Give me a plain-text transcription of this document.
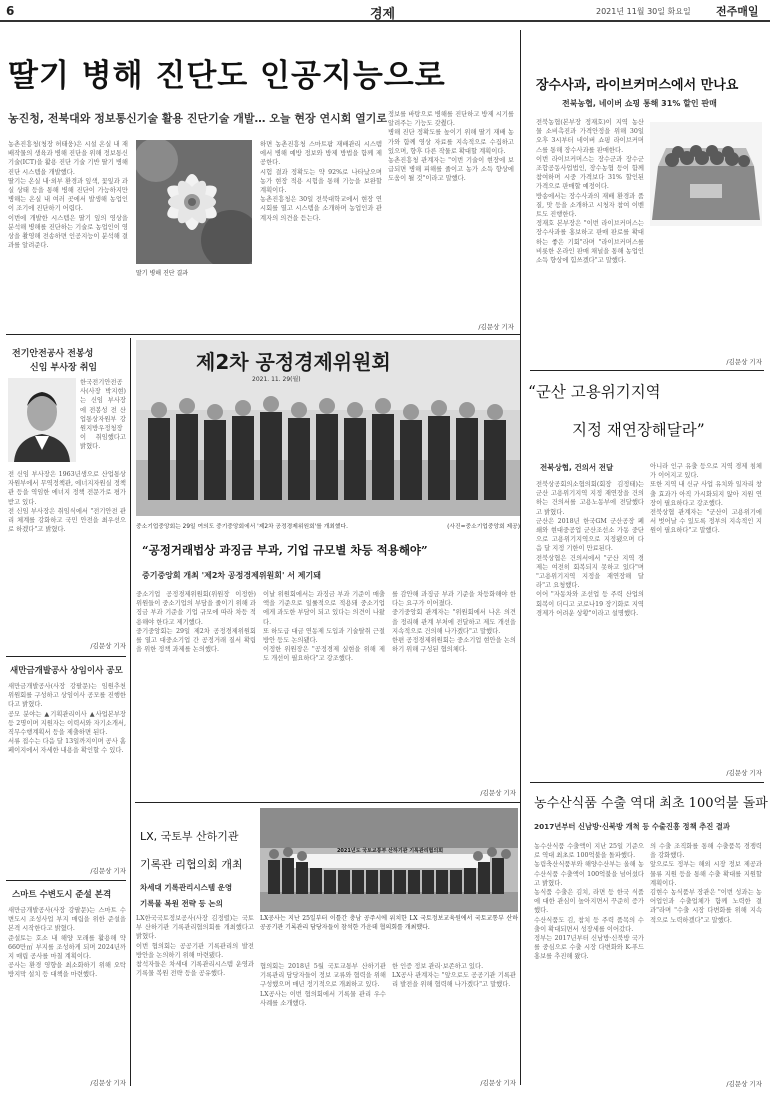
6	경제	2021년 11월 30일 화요일 전주매일
딸기 병해 진단도 인공지능으로
농진청, 전북대와 정보통신기술 활용 진단기술 개발… 오늘 현장 연시회 열기로
농촌진흥청(청장 허태웅)은 시설 온실 내 재배작물의 생육과 병해 진단을 위해 정보통신 기술(ICT)을 활용 진단 기술 기반 딸기 병해 진단 시스템을 개발했다.
딸기는 온실 내·외부 환경과 잎색, 꽃잎과 과실 상태 등을 통해 병해 진단이 가능하지만 병해는 온실 내 여러 곳에서 발생해 농업인이 조기에 진단하기 어렵다.
이번에 개발한 시스템은 딸기 잎의 영상을 분석해 병해를 진단하는 기술로 농업인이 영상을 촬영해 전송하면 인공지능이 분석해 결과를 알려준다.
딸기 병해 진단 결과
하면 농촌진흥청 스마트팜 재배관리 시스템에서 병해 예방 정보와 방제 방법을 함께 제공한다.
시험 결과 정확도는 약 92%로 나타났으며 농가 현장 적용 시험을 통해 기능을 보완할 계획이다.
농촌진흥청은 30일 전북대학교에서 현장 연시회를 열고 시스템을 소개하며 농업인과 관계자의 의견을 듣는다.
정보를 바탕으로 병해를 진단하고 방제 시기를 알려주는 기능도 갖췄다.
병해 진단 정확도를 높이기 위해 딸기 재배 농가와 함께 영상 자료를 지속적으로 수집하고 있으며, 향후 다른 작물로 확대할 계획이다.
농촌진흥청 관계자는 "이번 기술이 현장에 보급되면 병해 피해를 줄이고 농가 소득 향상에 도움이 될 것"이라고 말했다.
/김문상 기자
장수사과, 라이브커머스에서 만나요
전북농협, 네이버 쇼핑 통해 31% 할인 판매
전북농협(본부장 정재호)이 지역 농산물 소비촉진과 가격안정을 위해 30일 오후 3시부터 네이버 쇼핑 라이브커머스를 통해 장수사과를 판매한다.
이번 라이브커머스는 장수군과 장수군조합공동사업법인, 장수농협 등이 함께 참여하며 시중 가격보다 31% 할인된 가격으로 판매할 예정이다.
방송에서는 장수사과의 재배 환경과 품질, 맛 등을 소개하고 시청자 참여 이벤트도 진행한다.
정재호 본부장은 "이번 라이브커머스는 장수사과를 홍보하고 판매 판로를 확대하는 좋은 기회"라며 "라이브커머스를 비롯한 온라인 판매 채널을 통해 농업인 소득 향상에 힘쓰겠다"고 말했다.
/김문상 기자
전기안전공사 전봉성
신임 부사장 취임
한국전기안전공사(사장 박지현)는 신임 부사장에 전봉성 전 산업통상자원부 강원지방우정청장이 취임했다고 밝혔다.
전 신임 부사장은 1963년생으로 산업통상자원부에서 무역정책관, 에너지자원실 정책관 등을 역임한 에너지 정책 전문가로 평가받고 있다.
전 신임 부사장은 취임식에서 "전기안전 관리 체계를 강화하고 국민 안전을 최우선으로 하겠다"고 밝혔다.
/김문상 기자
새만금개발공사 상임이사 공모
새만금개발공사(사장 강팔문)는 임원추천위원회를 구성하고 상임이사 공모를 진행한다고 밝혔다.
공모 분야는 ▲기획관리이사 ▲사업본부장 등 2명이며 지원자는 이력서와 자기소개서, 직무수행계획서 등을 제출하면 된다.
서류 접수는 다음 달 13일까지이며 공사 홈페이지에서 자세한 내용을 확인할 수 있다.
/김문상 기자
스마트 수변도시 준설 본격
새만금개발공사(사장 강팔문)는 스마트 수변도시 조성사업 부지 매립을 위한 준설을 본격 시작한다고 밝혔다.
준설토는 호소 내 해양 모래를 활용해 약 660만㎡ 부지를 조성하게 되며 2024년까지 매립 공사를 마칠 계획이다.
공사는 환경 영향을 최소화하기 위해 오탁방지막 설치 등 대책을 마련했다.
/김문상 기자
제2차 공정경제위원회
2021. 11. 29(월)
중소기업중앙회는 29일 여의도 중기중앙회에서 '제2차 공정경제위원회'를 개최했다.	(사진=중소기업중앙회 제공)
“공정거래법상 과징금 부과, 기업 규모별 차등 적용해야”
중기중앙회 개최 '제2차 공정경제위원회' 서 제기돼
중소기업 공정경제위원회(위원장 이정한) 위원들이 중소기업의 부담을 줄이기 위해 과징금 부과 기준을 기업 규모에 따라 차등 적용해야 한다고 제기했다.
중기중앙회는 29일 제2차 공정경제위원회를 열고 대중소기업 간 공정거래 질서 확립을 위한 정책 과제를 논의했다.
이날 위원회에서는 과징금 부과 기준이 매출액을 기준으로 일률적으로 적용돼 중소기업에게 과도한 부담이 되고 있다는 의견이 나왔다.
또 하도급 대금 연동제 도입과 기술탈취 근절 방안 등도 논의됐다.
이정한 위원장은 "공정경제 실현을 위해 제도 개선이 필요하다"고 강조했다.
를 감안해 과징금 부과 기준을 차등화해야 한다는 요구가 이어졌다.
중기중앙회 관계자는 "위원회에서 나온 의견을 정리해 관계 부처에 전달하고 제도 개선을 지속적으로 건의해 나가겠다"고 말했다.
한편 공정경제위원회는 중소기업 현안을 논의하기 위해 구성된 협의체다.
/김문상 기자
“군산 고용위기지역
지정 재연장해달라”
전북상협, 건의서 전달
전북상공회의소협의회(회장 김정태)는 군산 고용위기지역 지정 재연장을 건의하는 건의서를 고용노동부에 전달했다고 밝혔다.
군산은 2018년 한국GM 군산공장 폐쇄와 현대중공업 군산조선소 가동 중단으로 고용위기지역으로 지정됐으며 다음 달 지정 기한이 만료된다.
전북상협은 건의서에서 "군산 지역 경제는 여전히 회복되지 못하고 있다"며 "고용위기지역 지정을 재연장해 달라"고 요청했다.
이어 "자동차와 조선업 등 주력 산업의 회복이 더디고 코로나19 장기화로 지역 경제가 어려운 상황"이라고 설명했다.
아니라 인구 유출 등으로 지역 경제 침체가 이어지고 있다.
또한 지역 내 신규 사업 유치와 일자리 창출 효과가 아직 가시화되지 않아 지원 연장이 필요하다고 강조했다.
전북상협 관계자는 "군산이 고용위기에서 벗어날 수 있도록 정부의 지속적인 지원이 필요하다"고 말했다.
/김문상 기자
농수산식품 수출 역대 최초 100억불 돌파
2017년부터 신남방·신북방 개척 등 수출진흥 정책 추진 결과
농수산식품 수출액이 지난 25일 기준으로 역대 최초로 100억불을 돌파했다.
농림축산식품부와 해양수산부는 올해 농수산식품 수출액이 100억불을 넘어섰다고 밝혔다.
농식품 수출은 김치, 라면 등 한국 식품에 대한 관심이 높아지면서 꾸준히 증가했다.
수산식품도 김, 참치 등 주력 품목의 수출이 확대되면서 성장세를 이어갔다.
정부는 2017년부터 신남방·신북방 국가를 중심으로 수출 시장 다변화와 K-푸드 홍보를 추진해 왔다.
의 수출 조직화를 통해 수출품목 경쟁력을 강화했다.
앞으로도 정부는 해외 시장 정보 제공과 물류 지원 등을 통해 수출 확대를 지원할 계획이다.
김현수 농식품부 장관은 "이번 성과는 농어업인과 수출업체가 함께 노력한 결과"라며 "수출 시장 다변화를 위해 지속적으로 노력하겠다"고 말했다.
/김문상 기자
LX, 국토부 산하기관
기록관 리협의회 개최
차세대 기록관리시스템 운영
기록물 복원 전략 등 논의
LX한국국토정보공사(사장 김정렬)는 국토부 산하기관 기록관리협의회를 개최했다고 밝혔다.
이번 협의회는 공공기관 기록관리의 발전 방안을 논의하기 위해 마련됐다.
참석자들은 차세대 기록관리시스템 운영과 기록물 복원 전략 등을 공유했다.
2021년도 국토교통부 산하기관 기록관리협의회
LX공사는 지난 25일부터 이틀간 충남 공주시에 위치한 LX 국토정보교육원에서 국토교통부 산하 공공기관 기록관리 담당자들이 참석한 가운데 협의회를 개최했다.
협의회는 2018년 5월 국토교통부 산하기관 기록관리 담당자들이 정보 교류와 협력을 위해 구성했으며 매년 정기적으로 개최하고 있다.
LX공사는 이번 협의회에서 기록물 관리 우수 사례를 소개했다.
한 인증 정보 관리·보존하고 있다.
LX공사 관계자는 "앞으로도 공공기관 기록관리 발전을 위해 협력해 나가겠다"고 말했다.
/김문상 기자
